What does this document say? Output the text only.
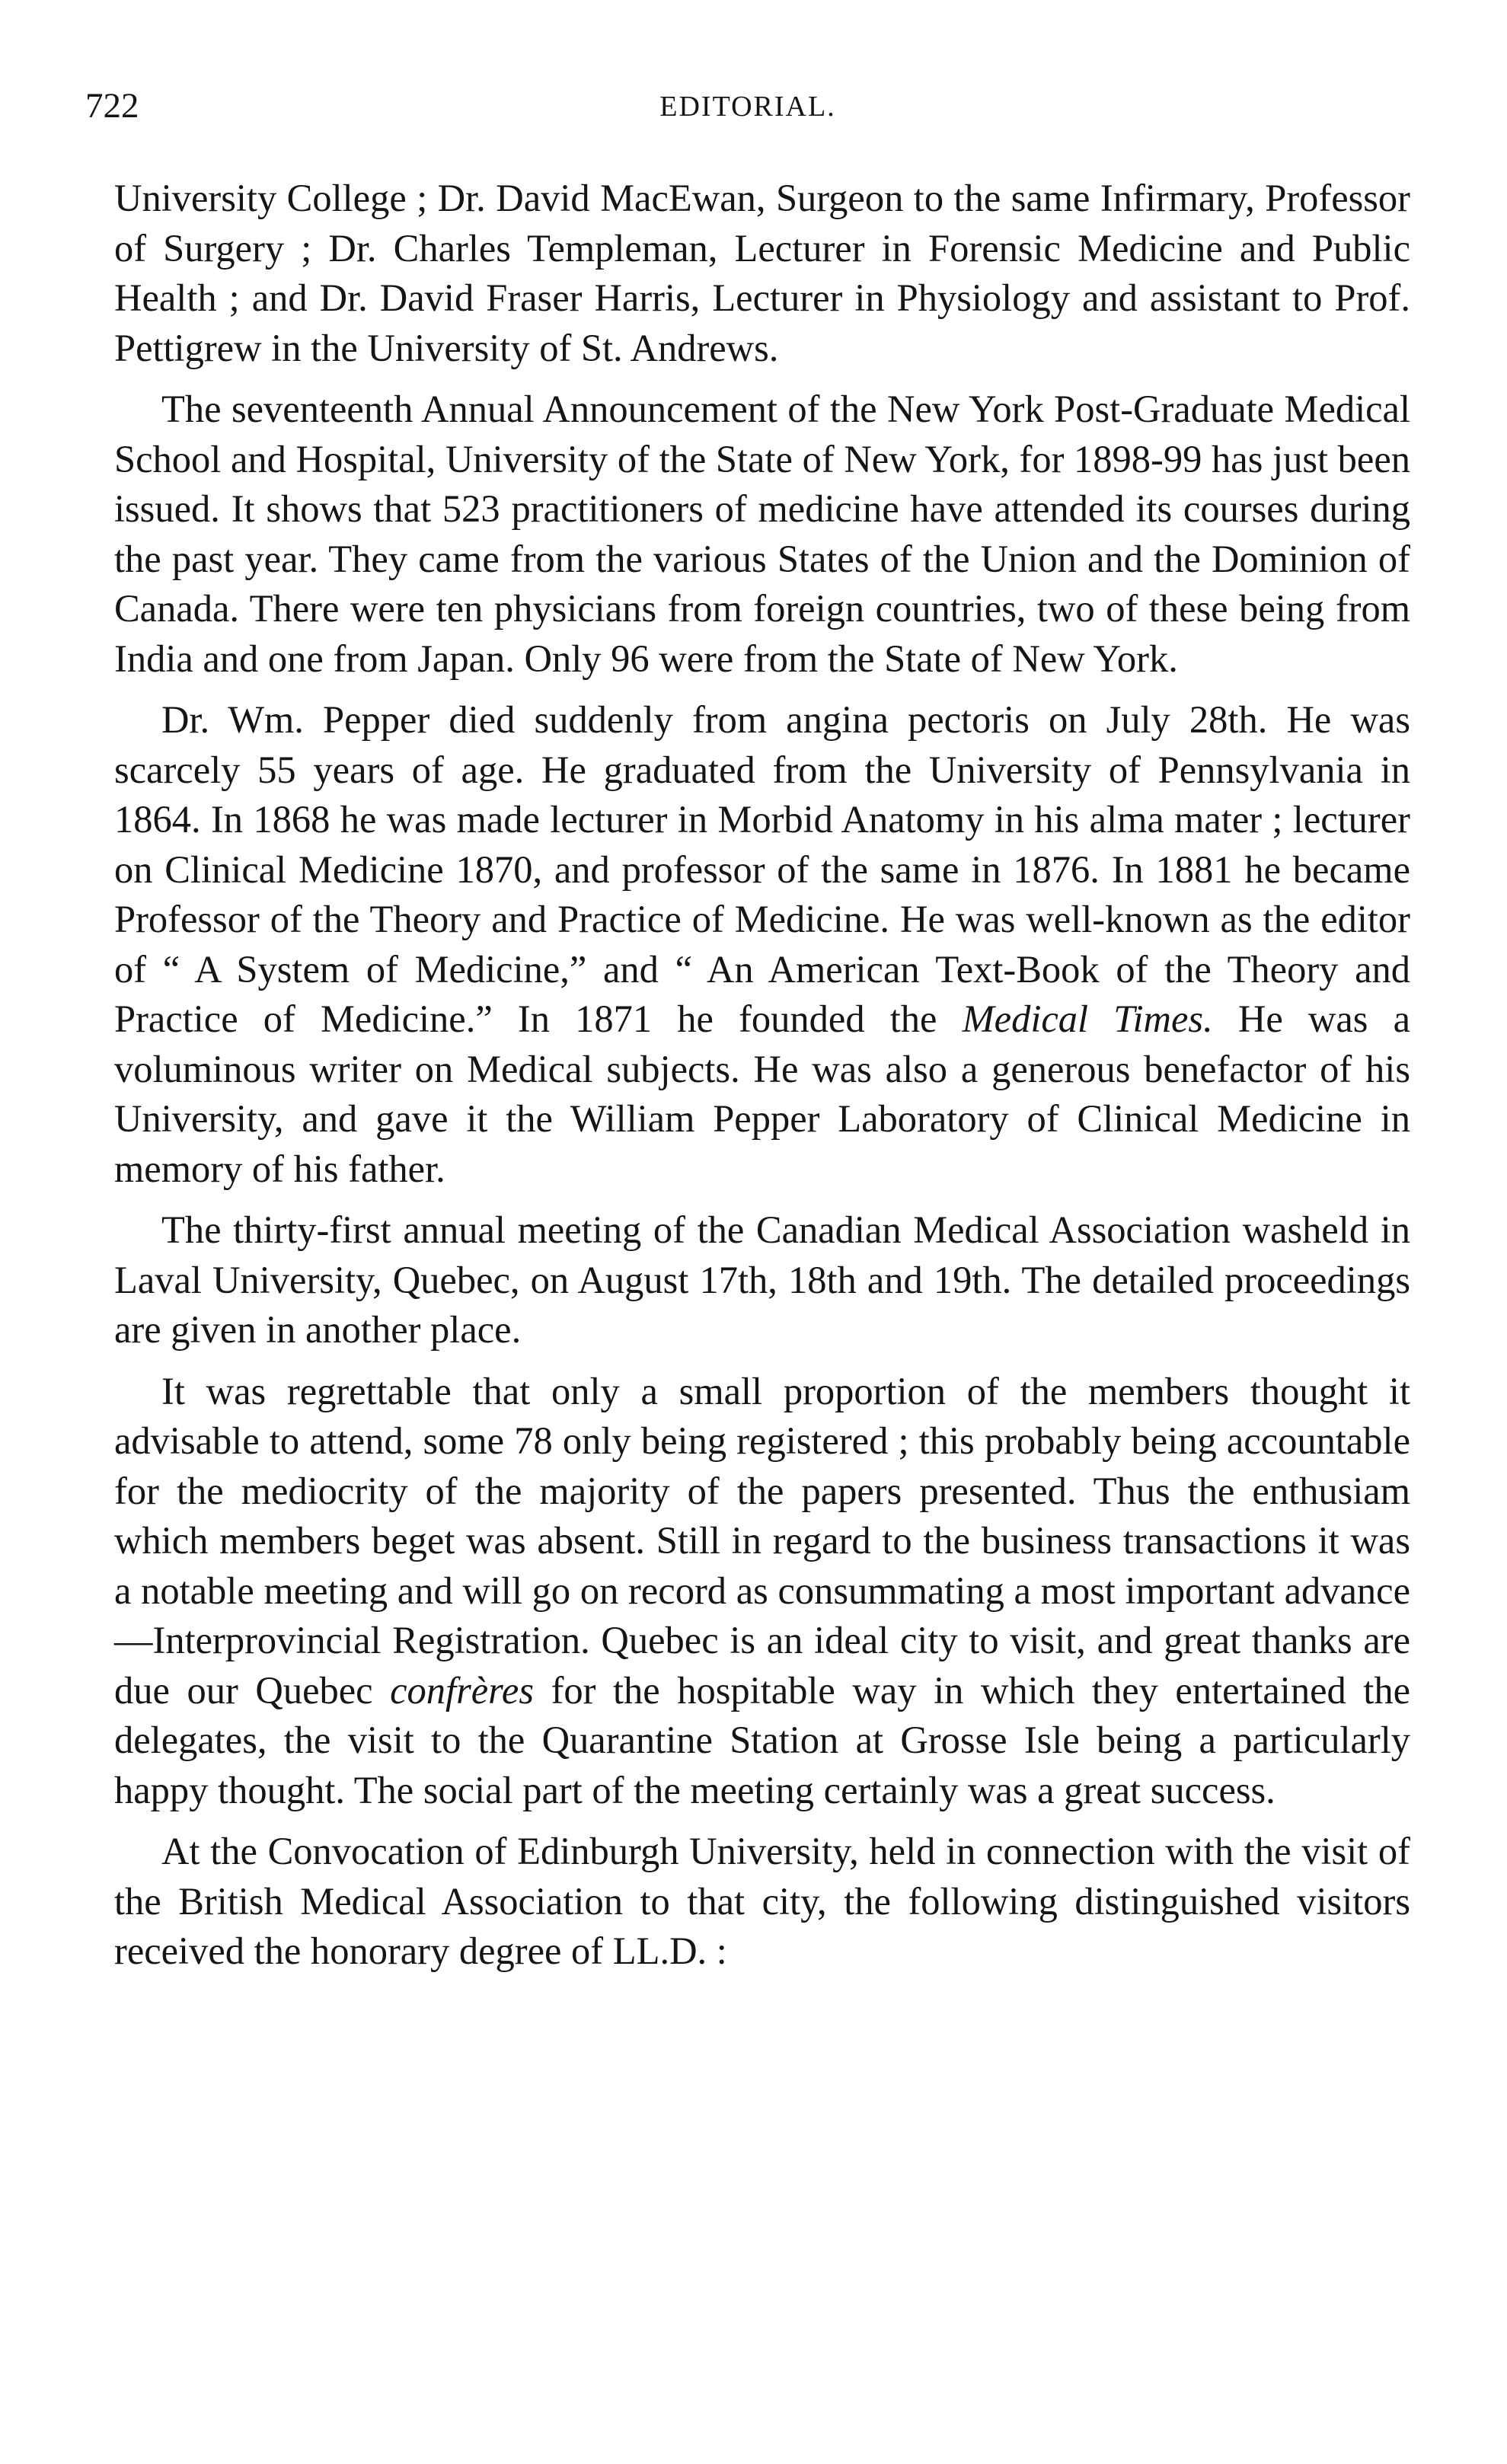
722	EDITORIAL.

University College ; Dr. David MacEwan, Surgeon to the same Infirmary, Professor of Surgery ; Dr. Charles Templeman, Lecturer in Forensic Medicine and Public Health ; and Dr. David Fraser Harris, Lecturer in Physiology and assistant to Prof. Pettigrew in the University of St. Andrews.

The seventeenth Annual Announcement of the New York Post-Graduate Medical School and Hospital, University of the State of New York, for 1898-99 has just been issued. It shows that 523 practitioners of medicine have attended its courses during the past year. They came from the various States of the Union and the Dominion of Canada. There were ten physicians from foreign countries, two of these being from India and one from Japan. Only 96 were from the State of New York.

Dr. Wm. Pepper died suddenly from angina pectoris on July 28th. He was scarcely 55 years of age. He graduated from the University of Pennsylvania in 1864. In 1868 he was made lecturer in Morbid Anatomy in his alma mater ; lecturer on Clinical Medicine 1870, and professor of the same in 1876. In 1881 he became Professor of the Theory and Practice of Medicine. He was well-known as the editor of “ A System of Medicine,” and “ An American Text-Book of the Theory and Practice of Medicine.” In 1871 he founded the Medical Times. He was a voluminous writer on Medical subjects. He was also a generous benefactor of his University, and gave it the William Pepper Laboratory of Clinical Medicine in memory of his father.

The thirty-first annual meeting of the Canadian Medical Association washeld in Laval University, Quebec, on August 17th, 18th and 19th. The detailed proceedings are given in another place.

It was regrettable that only a small proportion of the members thought it advisable to attend, some 78 only being registered ; this probably being accountable for the mediocrity of the majority of the papers presented. Thus the enthusiam which members beget was absent. Still in regard to the business transactions it was a notable meeting and will go on record as consummating a most important advance—Interprovincial Registration. Quebec is an ideal city to visit, and great thanks are due our Quebec confrères for the hospitable way in which they entertained the delegates, the visit to the Quarantine Station at Grosse Isle being a particularly happy thought. The social part of the meeting certainly was a great success.

At the Convocation of Edinburgh University, held in connection with the visit of the British Medical Association to that city, the following distinguished visitors received the honorary degree of LL.D. :
